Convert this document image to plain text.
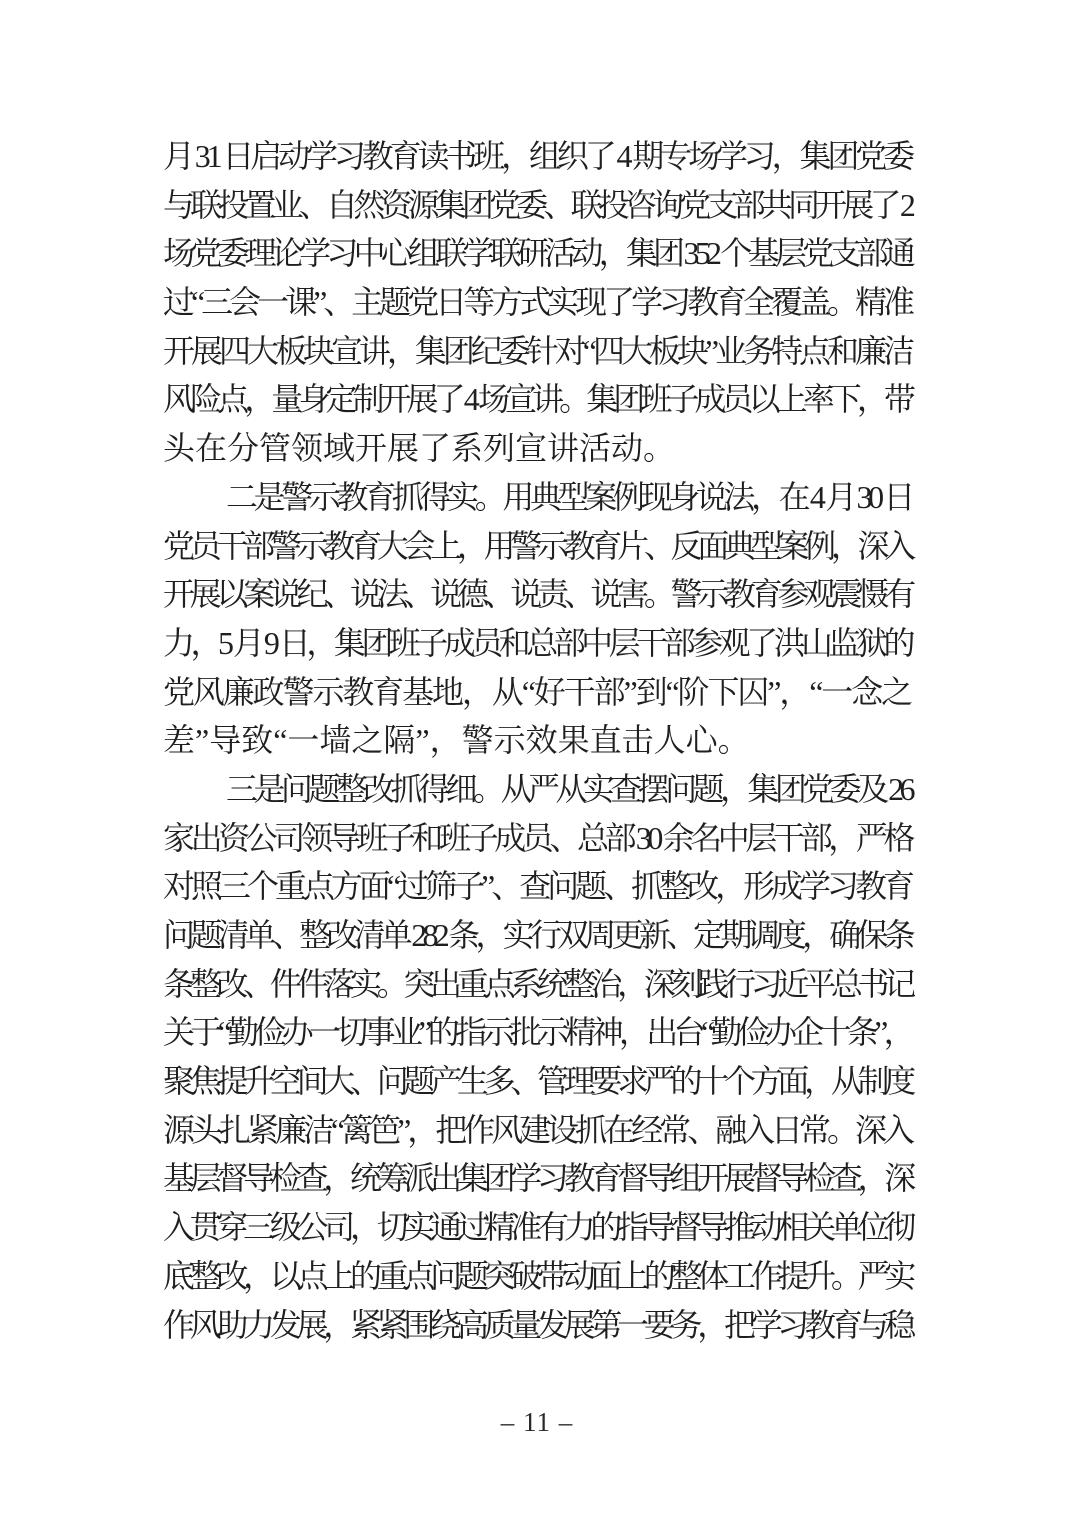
月 31 日启动学习教育读书班，组织了 4 期专场学习，集团党委

与联投置业、自然资源集团党委、联投咨询党支部共同开展了 2

场党委理论学习中心组联学联研活动，集团 352 个基层党支部通

过“三会一课”、主题党日等方式实现了学习教育全覆盖。精准

开展四大板块宣讲，集团纪委针对“四大板块”业务特点和廉洁

风险点，量身定制开展了 4 场宣讲。集团班子成员以上率下，带

头在分管领域开展了系列宣讲活动。

二是警示教育抓得实。用典型案例现身说法，在 4 月 30 日

党员干部警示教育大会上，用警示教育片、反面典型案例，深入

开展以案说纪、说法、说德、说责、说害。警示教育参观震慑有

力，5 月 9 日，集团班子成员和总部中层干部参观了洪山监狱的

党风廉政警示教育基地，从“好干部”到“阶下囚”，“一念之

差”导致“一墙之隔”，警示效果直击人心。

三是问题整改抓得细。从严从实查摆问题，集团党委及 26

家出资公司领导班子和班子成员、总部 30 余名中层干部，严格

对照三个重点方面“过筛子”、查问题、抓整改，形成学习教育

问题清单、整改清单 282 条，实行双周更新、定期调度，确保条

条整改、件件落实。突出重点系统整治，深刻践行习近平总书记

关于“勤俭办一切事业”的指示批示精神，出台“勤俭办企十条”，

聚焦提升空间大、问题产生多、管理要求严的十个方面，从制度

源头扎紧廉洁“篱笆”，把作风建设抓在经常、融入日常。深入

基层督导检查，统筹派出集团学习教育督导组开展督导检查，深

入贯穿三级公司，切实通过精准有力的指导督导推动相关单位彻

底整改，以点上的重点问题突破带动面上的整体工作提升。严实

作风助力发展，紧紧围绕高质量发展第一要务，把学习教育与稳

– 11 –
